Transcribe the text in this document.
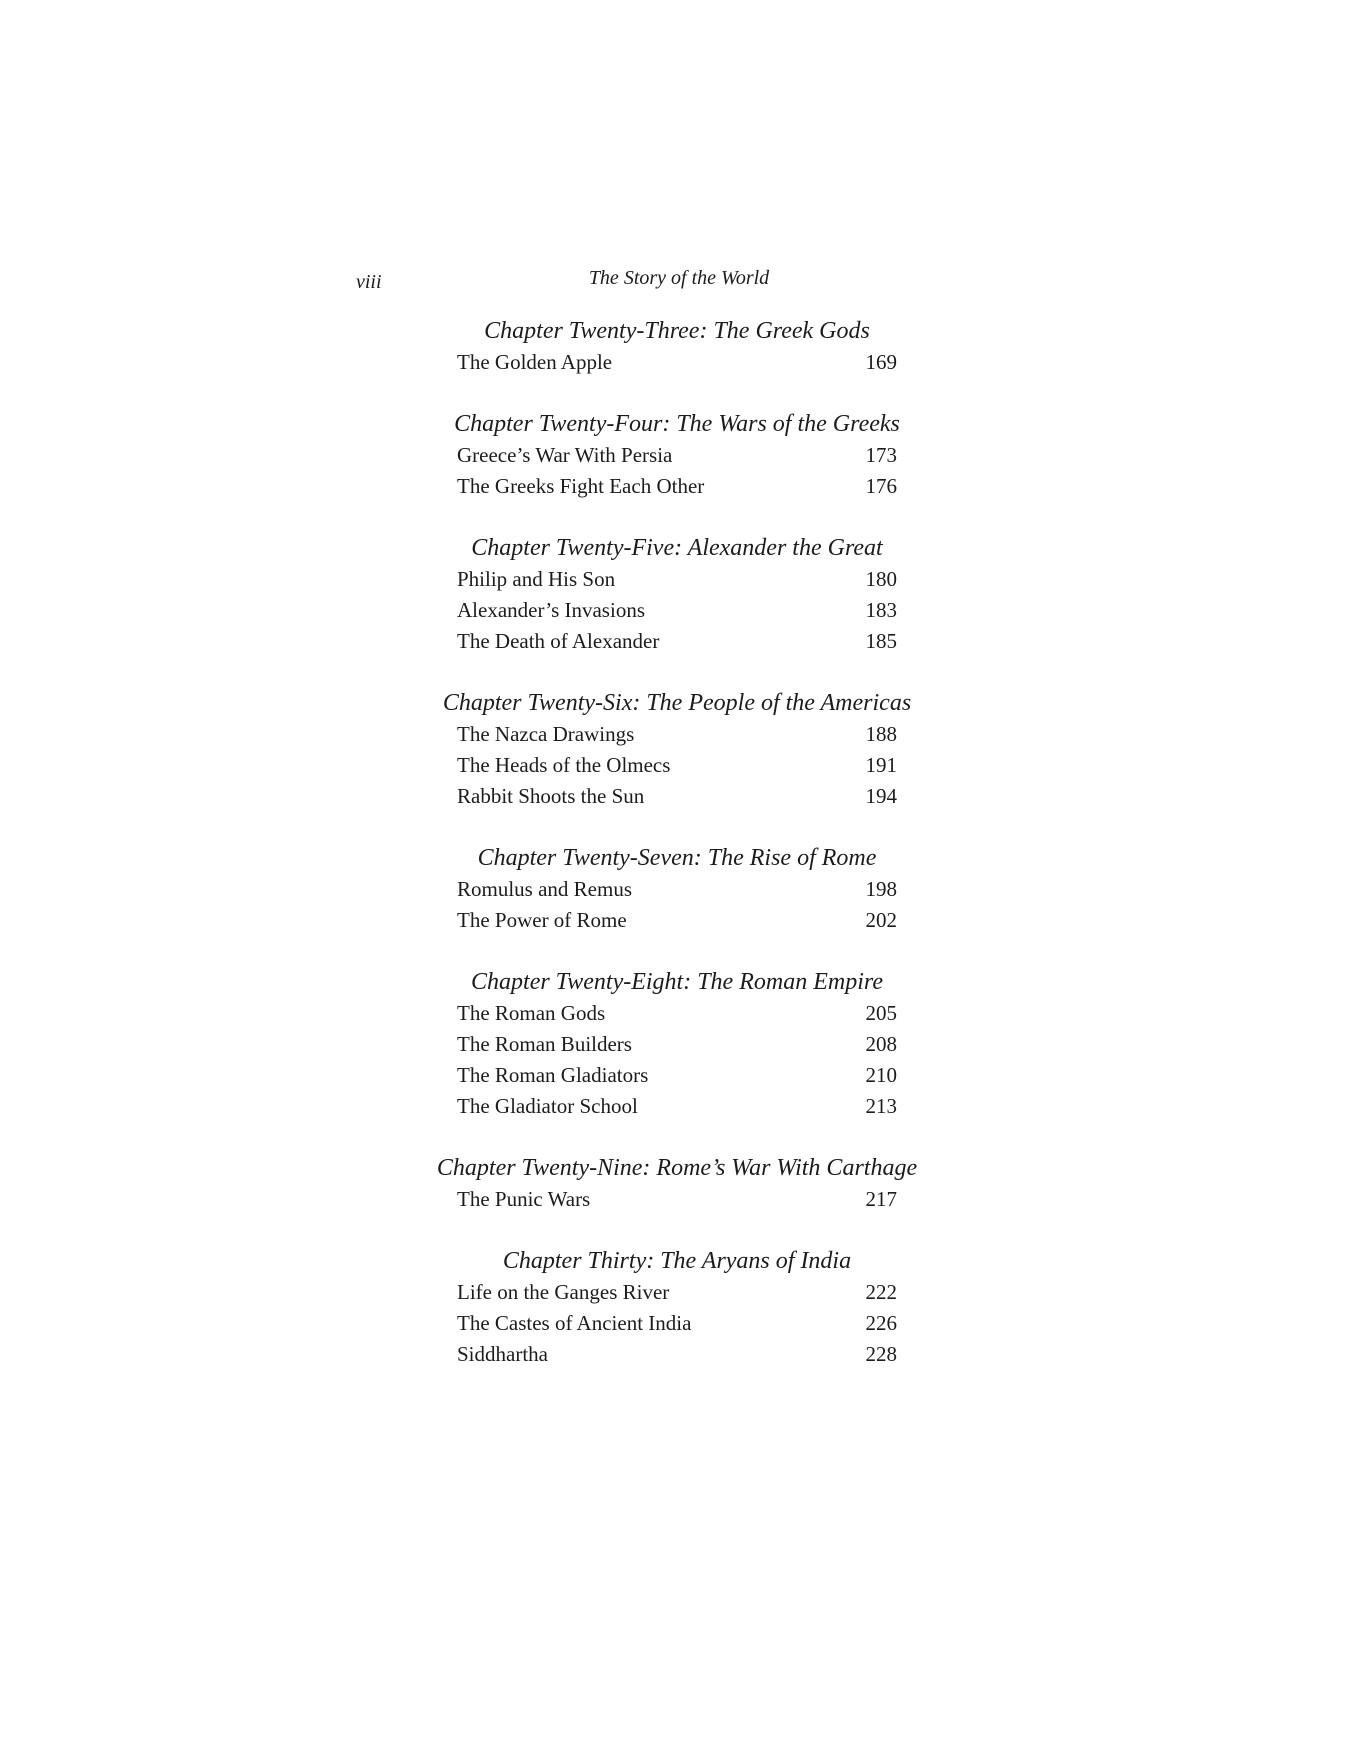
viii	The Story of the World
Chapter Twenty-Three: The Greek Gods
The Golden Apple	169
Chapter Twenty-Four: The Wars of the Greeks
Greece’s War With Persia	173
The Greeks Fight Each Other	176
Chapter Twenty-Five: Alexander the Great
Philip and His Son	180
Alexander’s Invasions	183
The Death of Alexander	185
Chapter Twenty-Six: The People of the Americas
The Nazca Drawings	188
The Heads of the Olmecs	191
Rabbit Shoots the Sun	194
Chapter Twenty-Seven: The Rise of Rome
Romulus and Remus	198
The Power of Rome	202
Chapter Twenty-Eight: The Roman Empire
The Roman Gods	205
The Roman Builders	208
The Roman Gladiators	210
The Gladiator School	213
Chapter Twenty-Nine: Rome’s War With Carthage
The Punic Wars	217
Chapter Thirty: The Aryans of India
Life on the Ganges River	222
The Castes of Ancient India	226
Siddhartha	228
